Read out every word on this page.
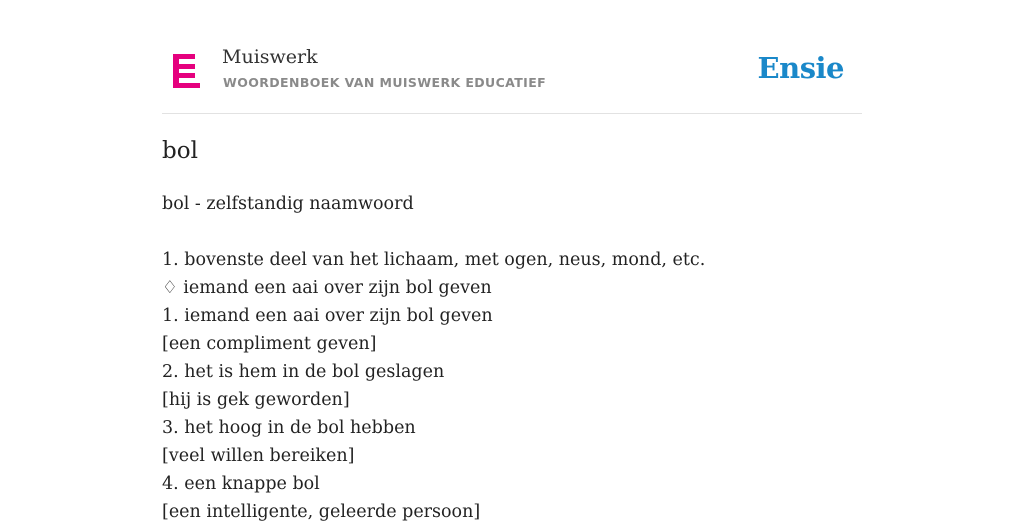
Muiswerk
WOORDENBOEK VAN MUISWERK EDUCATIEF	Ensie
bol
bol - zelfstandig naamwoord
1. bovenste deel van het lichaam, met ogen, neus, mond, etc.
♢ iemand een aai over zijn bol geven
1. iemand een aai over zijn bol geven
[een compliment geven]
2. het is hem in de bol geslagen
[hij is gek geworden]
3. het hoog in de bol hebben
[veel willen bereiken]
4. een knappe bol
[een intelligente, geleerde persoon]
